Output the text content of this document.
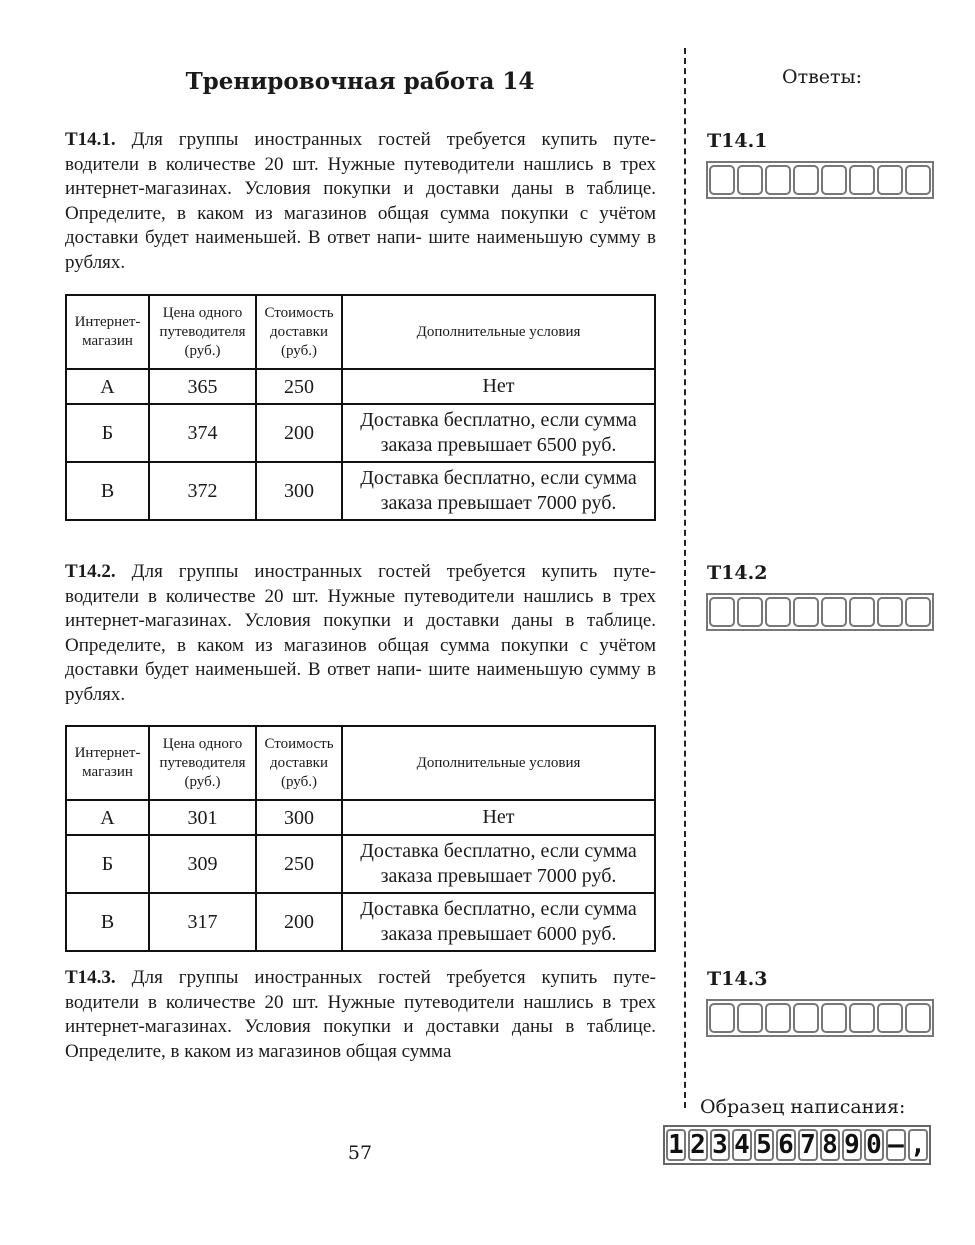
Тренировочная работа 14
T14.1. Для группы иностранных гостей требуется купить путе- водители в количестве 20 шт. Нужные путеводители нашлись в трех интернет-магазинах. Условия покупки и доставки даны в таблице. Определите, в каком из магазинов общая сумма покупки с учётом доставки будет наименьшей. В ответ напи- шите наименьшую сумму в рублях.
Интернет-магазин	Цена одного путеводителя (руб.)	Стоимость доставки (руб.)	Дополнительные условия
А	365	250	Нет
Б	374	200	Доставка бесплатно, если сумма
заказа превышает 6500 руб.
В	372	300	Доставка бесплатно, если сумма
заказа превышает 7000 руб.
T14.2. Для группы иностранных гостей требуется купить путе- водители в количестве 20 шт. Нужные путеводители нашлись в трех интернет-магазинах. Условия покупки и доставки даны в таблице. Определите, в каком из магазинов общая сумма покупки с учётом доставки будет наименьшей. В ответ напи- шите наименьшую сумму в рублях.
Интернет-магазин	Цена одного путеводителя (руб.)	Стоимость доставки (руб.)	Дополнительные условия
А	301	300	Нет
Б	309	250	Доставка бесплатно, если сумма
заказа превышает 7000 руб.
В	317	200	Доставка бесплатно, если сумма
заказа превышает 6000 руб.
T14.3. Для группы иностранных гостей требуется купить путе- водители в количестве 20 шт. Нужные путеводители нашлись в трех интернет-магазинах. Условия покупки и доставки даны в таблице. Определите, в каком из магазинов общая сумма
Ответы:
T14.1
T14.2
T14.3
Образец написания:
1 2 3 4 5 6 7 8 9 0 – ,
57
